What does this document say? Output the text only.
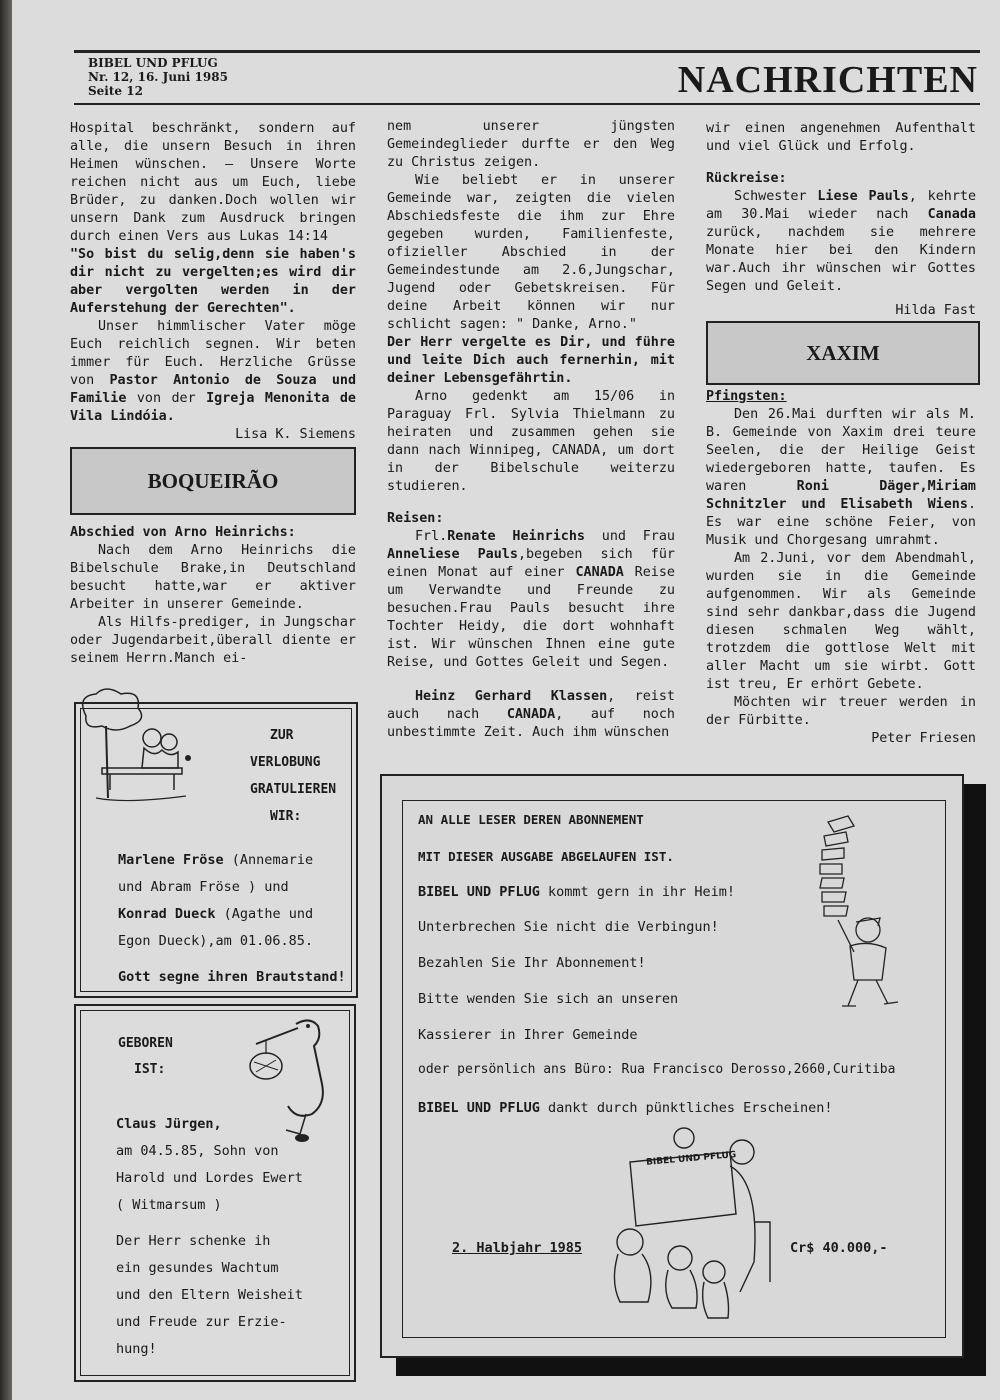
BIBEL UND PFLUG
Nr. 12, 16. Juni 1985
Seite 12	NACHRICHTEN

Hospital beschränkt, sondern auf alle, die unsern Besuch in ihren Heimen wünschen. — Unsere Worte reichen nicht aus um Euch, liebe Brüder, zu danken.Doch wollen wir unsern Dank zum Ausdruck bringen durch einen Vers aus Lukas 14:14

"So bist du selig,denn sie haben's dir nicht zu vergelten;es wird dir aber vergolten werden in der Auferstehung der Gerechten".

Unser himmlischer Vater möge Euch reichlich segnen. Wir beten immer für Euch. Herzliche Grüsse von Pastor Antonio de Souza und Familie von der Igreja Menonita de Vila Lindóia.

Lisa K. Siemens

BOQUEIRÃO

Abschied von Arno Heinrichs:

Nach dem Arno Heinrichs die Bibelschule Brake,in Deutschland besucht hatte,war er aktiver Arbeiter in unserer Gemeinde.

Als Hilfs-prediger, in Jungschar oder Jugendarbeit,überall diente er seinem Herrn.Manch ei-

nem unserer jüngsten Gemeindeglieder durfte er den Weg zu Christus zeigen.

Wie beliebt er in unserer Gemeinde war, zeigten die vielen Abschiedsfeste die ihm zur Ehre gegeben wurden, Familienfeste, ofizieller Abschied in der Gemeindestunde am 2.6,Jungschar, Jugend oder Gebetskreisen. Für deine Arbeit können wir nur schlicht sagen: " Danke, Arno."

Der Herr vergelte es Dir, und führe und leite Dich auch fernerhin, mit deiner Lebensgefährtin.

Arno gedenkt am 15/06 in Paraguay Frl. Sylvia Thielmann zu heiraten und zusammen gehen sie dann nach Winnipeg, CANADA, um dort in der Bibelschule weiterzu studieren.

Reisen:

Frl.Renate Heinrichs und Frau Anneliese Pauls,begeben sich für einen Monat auf einer CANADA Reise um Verwandte und Freunde zu besuchen.Frau Pauls besucht ihre Tochter Heidy, die dort wohnhaft ist. Wir wünschen Ihnen eine gute Reise, und Gottes Geleit und Segen.

Heinz Gerhard Klassen, reist auch nach CANADA, auf noch unbestimmte Zeit. Auch ihm wünschen

wir einen angenehmen Aufenthalt und viel Glück und Erfolg.

Rückreise:

Schwester Liese Pauls, kehrte am 30.Mai wieder nach Canada zurück, nachdem sie mehrere Monate hier bei den Kindern war.Auch ihr wünschen wir Gottes Segen und Geleit.

Hilda Fast

XAXIM

Pfingsten:

Den 26.Mai durften wir als M. B. Gemeinde von Xaxim drei teure Seelen, die der Heilige Geist wiedergeboren hatte, taufen. Es waren Roni Däger,Miriam Schnitzler und Elisabeth Wiens. Es war eine schöne Feier, von Musik und Chorgesang umrahmt.

Am 2.Juni, vor dem Abendmahl, wurden sie in die Gemeinde aufgenommen. Wir als Gemeinde sind sehr dankbar,dass die Jugend diesen schmalen Weg wählt, trotzdem die gottlose Welt mit aller Macht um sie wirbt. Gott ist treu, Er erhört Gebete.

Möchten wir treuer werden in der Fürbitte.

Peter Friesen

ZUR
VERLOBUNG
GRATULIEREN
WIR:
Marlene Fröse (Annemarie
und Abram Fröse ) und
Konrad Dueck (Agathe und
Egon Dueck),am 01.06.85.
Gott segne ihren Brautstand!
GEBOREN
IST:
Claus Jürgen,
am 04.5.85, Sohn von
Harold und Lordes Ewert
( Witmarsum )
Der Herr schenke ih
ein gesundes Wachtum
und den Eltern Weisheit
und Freude zur Erzie-
hung!
AN ALLE LESER DEREN ABONNEMENT
MIT DIESER AUSGABE ABGELAUFEN IST.
BIBEL UND PFLUG kommt gern in ihr Heim!
Unterbrechen Sie nicht die Verbingun!
Bezahlen Sie Ihr Abonnement!
Bitte wenden Sie sich an unseren
Kassierer in Ihrer Gemeinde
oder persönlich ans Büro: Rua Francisco Derosso,2660,Curitiba
BIBEL UND PFLUG dankt durch pünktliches Erscheinen!
BIBEL UND PFLUG
2. Halbjahr 1985	Cr$ 40.000,-
